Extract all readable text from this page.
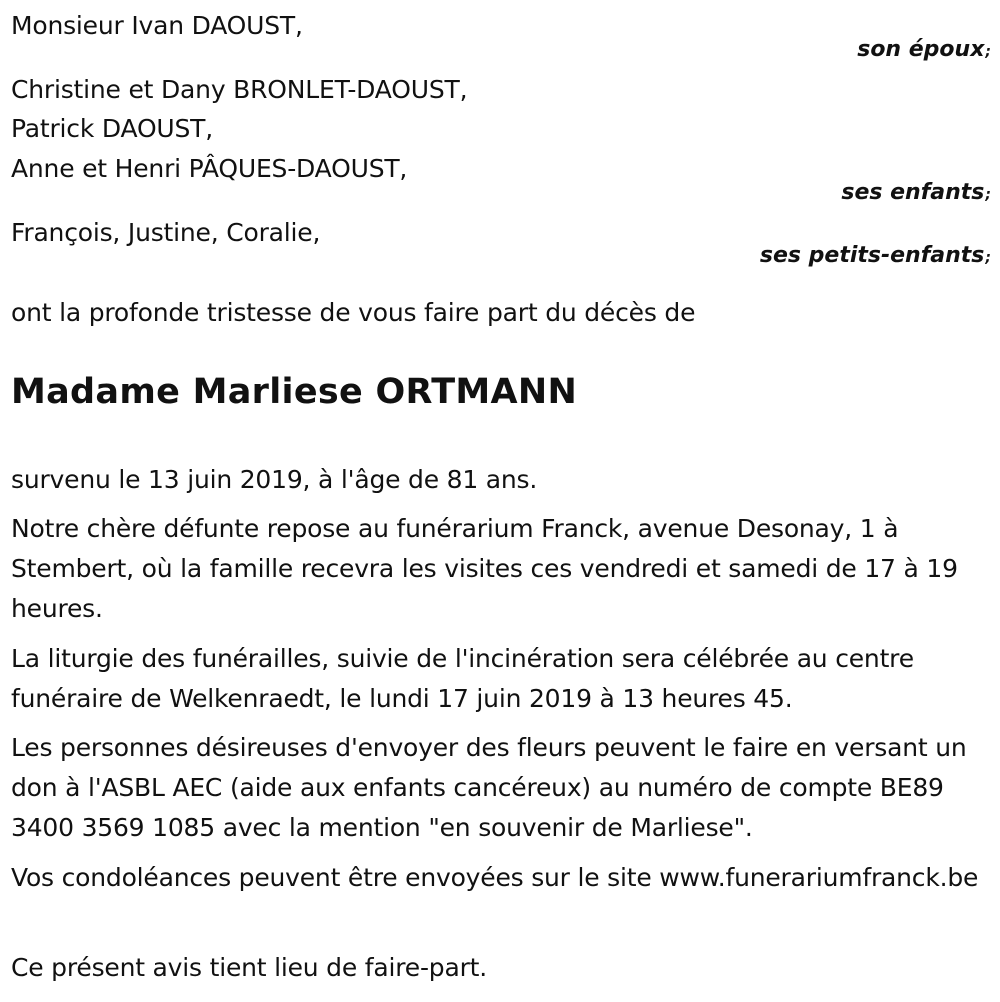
Monsieur Ivan DAOUST,
son époux;
Christine et Dany BRONLET-DAOUST,
Patrick DAOUST,
Anne et Henri PÂQUES-DAOUST,
ses enfants;
François, Justine, Coralie,
ses petits-enfants;
ont la profonde tristesse de vous faire part du décès de
Madame Marliese ORTMANN
survenu le 13 juin 2019, à l'âge de 81 ans.
Notre chère défunte repose au funérarium Franck, avenue Desonay, 1 à Stembert, où la famille recevra les visites ces vendredi et samedi de 17 à 19 heures.
La liturgie des funérailles, suivie de l'incinération sera célébrée au centre funéraire de Welkenraedt, le lundi 17 juin 2019 à 13 heures 45.
Les personnes désireuses d'envoyer des fleurs peuvent le faire en versant un don à l'ASBL AEC (aide aux enfants cancéreux) au numéro de compte BE89 3400 3569 1085 avec la mention "en souvenir de Marliese".
Vos condoléances peuvent être envoyées sur le site www.funerariumfranck.be
Ce présent avis tient lieu de faire-part.
